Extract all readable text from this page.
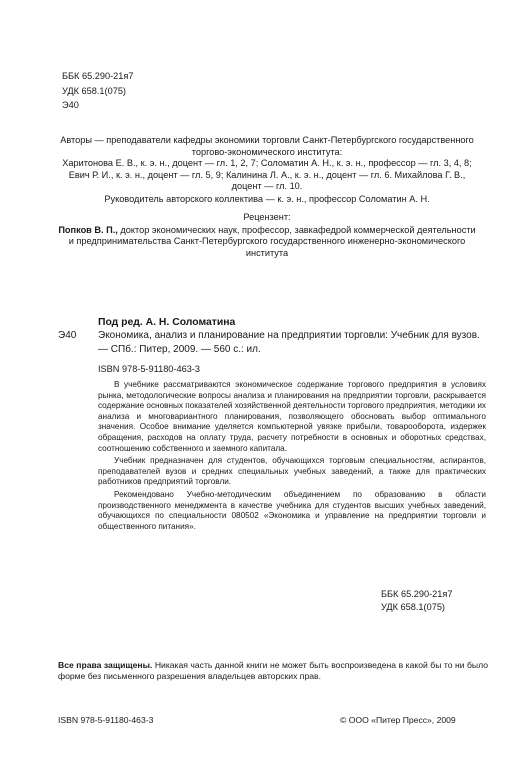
ББК 65.290-21я7
УДК 658.1(075)
Э40

Авторы — преподаватели кафедры экономики торговли Санкт-Петербургского государственного торгово-экономического института:

Харитонова Е. В., к. э. н., доцент — гл. 1, 2, 7; Соломатин А. Н., к. э. н., профессор — гл. 3, 4, 8; Евич Р. И., к. э. н., доцент — гл. 5, 9; Калинина Л. А., к. э. н., доцент — гл. 6. Михайлова Г. В., доцент — гл. 10.

Руководитель авторского коллектива — к. э. н., профессор Соломатин А. Н.

Рецензент:
Попков В. П., доктор экономических наук, профессор, завкафедрой коммерческой деятельности и предпринимательства Санкт-Петербургского государственного инженерно-экономического института
Под ред. А. Н. Соломатина
Э40	Экономика, анализ и планирование на предприятии торговли: Учебник для вузов. — СПб.: Питер, 2009. — 560 с.: ил.
ISBN 978-5-91180-463-3

В учебнике рассматриваются экономическое содержание торгового предприятия в условиях рынка, методологические вопросы анализа и планирования на предприятии торговли, раскрывается содержание основных показателей хозяйственной деятельности торгового предприятия, методики их анализа и многовариантного планирования, позволяющего обосновать выбор оптимального значения. Особое внимание уделяется компьютерной увязке прибыли, товарооборота, издержек обращения, расходов на оплату труда, расчету потребности в основных и оборотных средствах, соотношению собственного и заемного капитала.

Учебник предназначен для студентов, обучающихся торговым специальностям, аспирантов, преподавателей вузов и средних специальных учебных заведений, а также для практических работников предприятий торговли.

Рекомендовано Учебно-методическим объединением по образованию в области производственного менеджмента в качестве учебника для студентов высших учебных заведений, обучающихся по специальности 080502 «Экономика и управление на предприятии торговли и общественного питания».

ББК 65.290-21я7
УДК 658.1(075)
Все права защищены. Никакая часть данной книги не может быть воспроизведена в какой бы то ни было форме без письменного разрешения владельцев авторских прав.
ISBN 978-5-91180-463-3	© ООО «Питер Пресс», 2009
